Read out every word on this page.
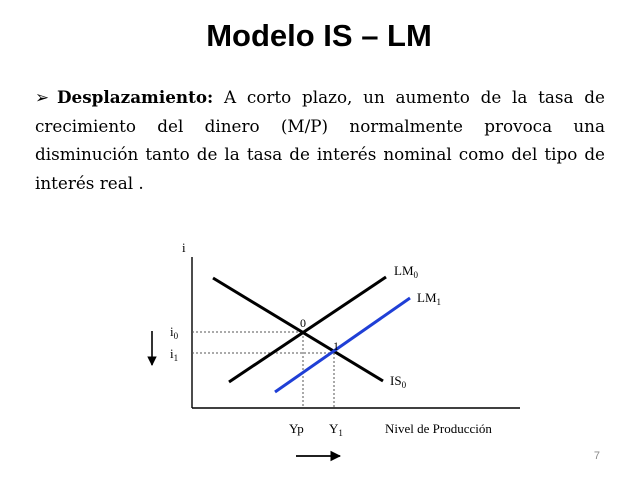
Modelo IS – LM

➢ Desplazamiento: A corto plazo, un aumento de la tasa de crecimiento del dinero (M/P) normalmente provoca una disminución tanto de la tasa de interés nominal como del tipo de interés real .

i
Nivel de Producción
$LM_0$
$LM_1$
$IS_0$
0
1
$i_0$
$i_1$
Yp $Y_1$
7
